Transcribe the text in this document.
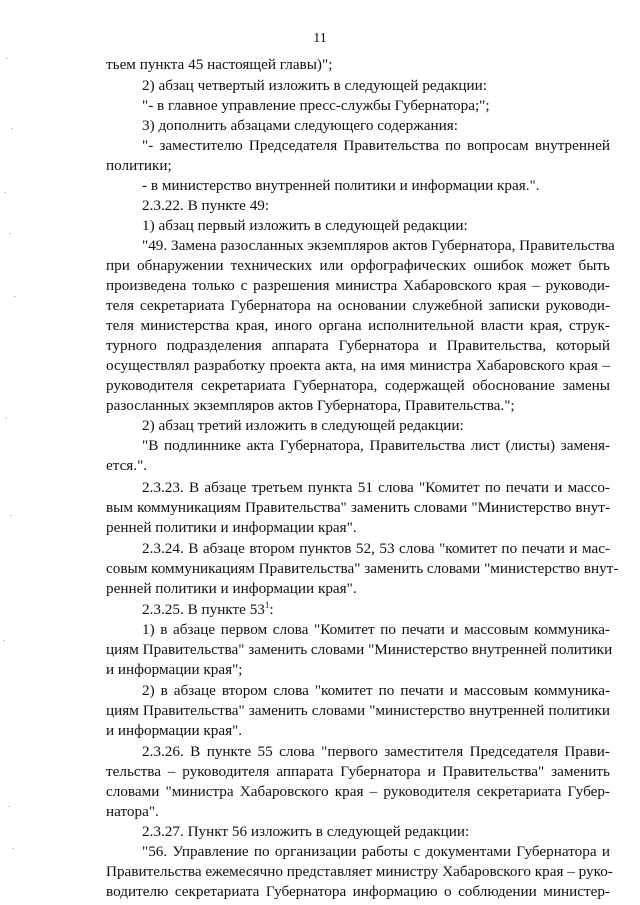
11
тьем пункта 45 настоящей главы)";
2) абзац четвертый изложить в следующей редакции:
"- в главное управление пресс-службы Губернатора;";
3) дополнить абзацами следующего содержания:
"- заместителю Председателя Правительства по вопросам внутренней
политики;
- в министерство внутренней политики и информации края.".
2.3.22. В пункте 49:
1) абзац первый изложить в следующей редакции:
"49. Замена разосланных экземпляров актов Губернатора, Правительства
при обнаружении технических или орфографических ошибок может быть
произведена только с разрешения министра Хабаровского края – руководи-
теля секретариата Губернатора на основании служебной записки руководи-
теля министерства края, иного органа исполнительной власти края, струк-
турного подразделения аппарата Губернатора и Правительства, который
осуществлял разработку проекта акта, на имя министра Хабаровского края –
руководителя секретариата Губернатора, содержащей обоснование замены
разосланных экземпляров актов Губернатора, Правительства.";
2) абзац третий изложить в следующей редакции:
"В подлиннике акта Губернатора, Правительства лист (листы) заменя-
ется.".
2.3.23. В абзаце третьем пункта 51 слова "Комитет по печати и массо-
вым коммуникациям Правительства" заменить словами "Министерство внут-
ренней политики и информации края".
2.3.24. В абзаце втором пунктов 52, 53 слова "комитет по печати и мас-
совым коммуникациям Правительства" заменить словами "министерство внут-
ренней политики и информации края".
2.3.25. В пункте $53^1$:
1) в абзаце первом слова "Комитет по печати и массовым коммуника-
циям Правительства" заменить словами "Министерство внутренней политики
и информации края";
2) в абзаце втором слова "комитет по печати и массовым коммуника-
циям Правительства" заменить словами "министерство внутренней политики
и информации края".
2.3.26. В пункте 55 слова "первого заместителя Председателя Прави-
тельства – руководителя аппарата Губернатора и Правительства" заменить
словами "министра Хабаровского края – руководителя секретариата Губер-
натора".
2.3.27. Пункт 56 изложить в следующей редакции:
"56. Управление по организации работы с документами Губернатора и
Правительства ежемесячно представляет министру Хабаровского края – руко-
водителю секретариата Губернатора информацию о соблюдении министер-
